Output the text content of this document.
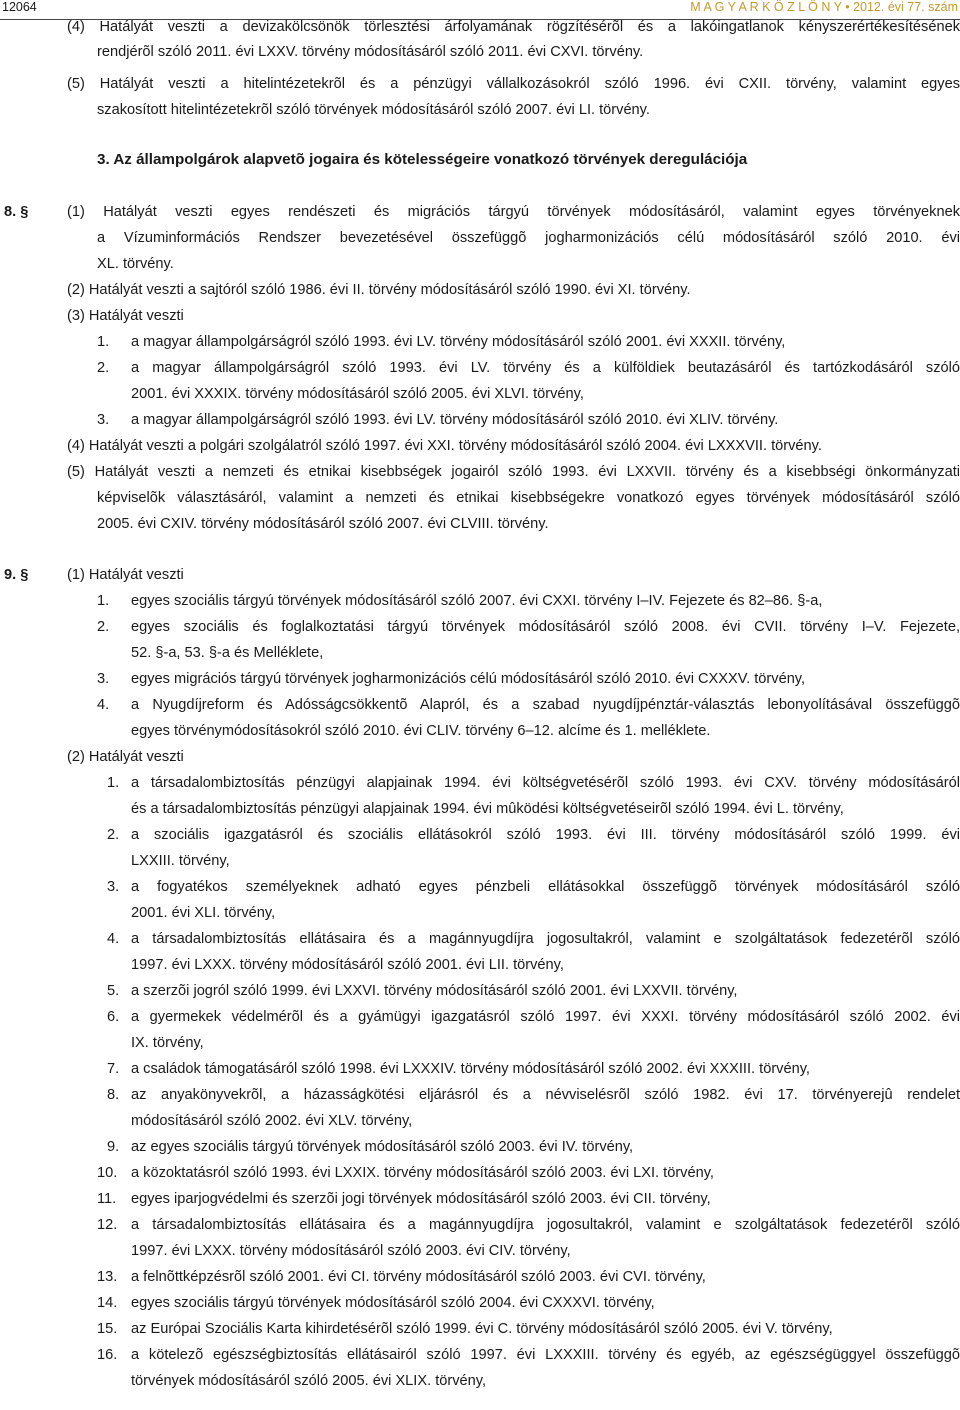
12064	M A G Y A R K Ö Z L Ö N Y • 2012. évi 77. szám
(4) Hatályát veszti a devizakölcsönök törlesztési árfolyamának rögzítésérõl és a lakóingatlanok kényszerértékesítésének
rendjérõl szóló 2011. évi LXXV. törvény módosításáról szóló 2011. évi CXVI. törvény.
(5) Hatályát veszti a hitelintézetekrõl és a pénzügyi vállalkozásokról szóló 1996. évi CXII. törvény, valamint egyes
szakosított hitelintézetekrõl szóló törvények módosításáról szóló 2007. évi LI. törvény.
3. Az állampolgárok alapvetõ jogaira és kötelességeire vonatkozó törvények deregulációja
8. §	(1) Hatályát veszti egyes rendészeti és migrációs tárgyú törvények módosításáról, valamint egyes törvényeknek
a Vízuminformációs Rendszer bevezetésével összefüggõ jogharmonizációs célú módosításáról szóló 2010. évi
XL. törvény.
(2) Hatályát veszti a sajtóról szóló 1986. évi II. törvény módosításáról szóló 1990. évi XI. törvény.
(3) Hatályát veszti
1. a magyar állampolgárságról szóló 1993. évi LV. törvény módosításáról szóló 2001. évi XXXII. törvény,
2. a magyar állampolgárságról szóló 1993. évi LV. törvény és a külföldiek beutazásáról és tartózkodásáról szóló
2001. évi XXXIX. törvény módosításáról szóló 2005. évi XLVI. törvény,
3. a magyar állampolgárságról szóló 1993. évi LV. törvény módosításáról szóló 2010. évi XLIV. törvény.
(4) Hatályát veszti a polgári szolgálatról szóló 1997. évi XXI. törvény módosításáról szóló 2004. évi LXXXVII. törvény.
(5) Hatályát veszti a nemzeti és etnikai kisebbségek jogairól szóló 1993. évi LXXVII. törvény és a kisebbségi önkormányzati
képviselõk választásáról, valamint a nemzeti és etnikai kisebbségekre vonatkozó egyes törvények módosításáról szóló
2005. évi CXIV. törvény módosításáról szóló 2007. évi CLVIII. törvény.
9. §	(1) Hatályát veszti
1. egyes szociális tárgyú törvények módosításáról szóló 2007. évi CXXI. törvény I–IV. Fejezete és 82–86. §-a,
2. egyes szociális és foglalkoztatási tárgyú törvények módosításáról szóló 2008. évi CVII. törvény I–V. Fejezete,
52. §-a, 53. §-a és Melléklete,
3. egyes migrációs tárgyú törvények jogharmonizációs célú módosításáról szóló 2010. évi CXXXV. törvény,
4. a Nyugdíjreform és Adósságcsökkentõ Alapról, és a szabad nyugdíjpénztár-választás lebonyolításával összefüggõ
egyes törvénymódosításokról szóló 2010. évi CLIV. törvény 6–12. alcíme és 1. melléklete.
(2) Hatályát veszti
1. a társadalombiztosítás pénzügyi alapjainak 1994. évi költségvetésérõl szóló 1993. évi CXV. törvény módosításáról
és a társadalombiztosítás pénzügyi alapjainak 1994. évi mûködési költségvetéseirõl szóló 1994. évi L. törvény,
2. a szociális igazgatásról és szociális ellátásokról szóló 1993. évi III. törvény módosításáról szóló 1999. évi
LXXIII. törvény,
3. a fogyatékos személyeknek adható egyes pénzbeli ellátásokkal összefüggõ törvények módosításáról szóló
2001. évi XLI. törvény,
4. a társadalombiztosítás ellátásaira és a magánnyugdíjra jogosultakról, valamint e szolgáltatások fedezetérõl szóló
1997. évi LXXX. törvény módosításáról szóló 2001. évi LII. törvény,
5. a szerzõi jogról szóló 1999. évi LXXVI. törvény módosításáról szóló 2001. évi LXXVII. törvény,
6. a gyermekek védelmérõl és a gyámügyi igazgatásról szóló 1997. évi XXXI. törvény módosításáról szóló 2002. évi
IX. törvény,
7. a családok támogatásáról szóló 1998. évi LXXXIV. törvény módosításáról szóló 2002. évi XXXIII. törvény,
8. az anyakönyvekrõl, a házasságkötési eljárásról és a névviselésrõl szóló 1982. évi 17. törvényerejû rendelet
módosításáról szóló 2002. évi XLV. törvény,
9. az egyes szociális tárgyú törvények módosításáról szóló 2003. évi IV. törvény,
10. a közoktatásról szóló 1993. évi LXXIX. törvény módosításáról szóló 2003. évi LXI. törvény,
11. egyes iparjogvédelmi és szerzõi jogi törvények módosításáról szóló 2003. évi CII. törvény,
12. a társadalombiztosítás ellátásaira és a magánnyugdíjra jogosultakról, valamint e szolgáltatások fedezetérõl szóló
1997. évi LXXX. törvény módosításáról szóló 2003. évi CIV. törvény,
13. a felnõttképzésrõl szóló 2001. évi CI. törvény módosításáról szóló 2003. évi CVI. törvény,
14. egyes szociális tárgyú törvények módosításáról szóló 2004. évi CXXXVI. törvény,
15. az Európai Szociális Karta kihirdetésérõl szóló 1999. évi C. törvény módosításáról szóló 2005. évi V. törvény,
16. a kötelezõ egészségbiztosítás ellátásairól szóló 1997. évi LXXXIII. törvény és egyéb, az egészségüggyel összefüggõ
törvények módosításáról szóló 2005. évi XLIX. törvény,
